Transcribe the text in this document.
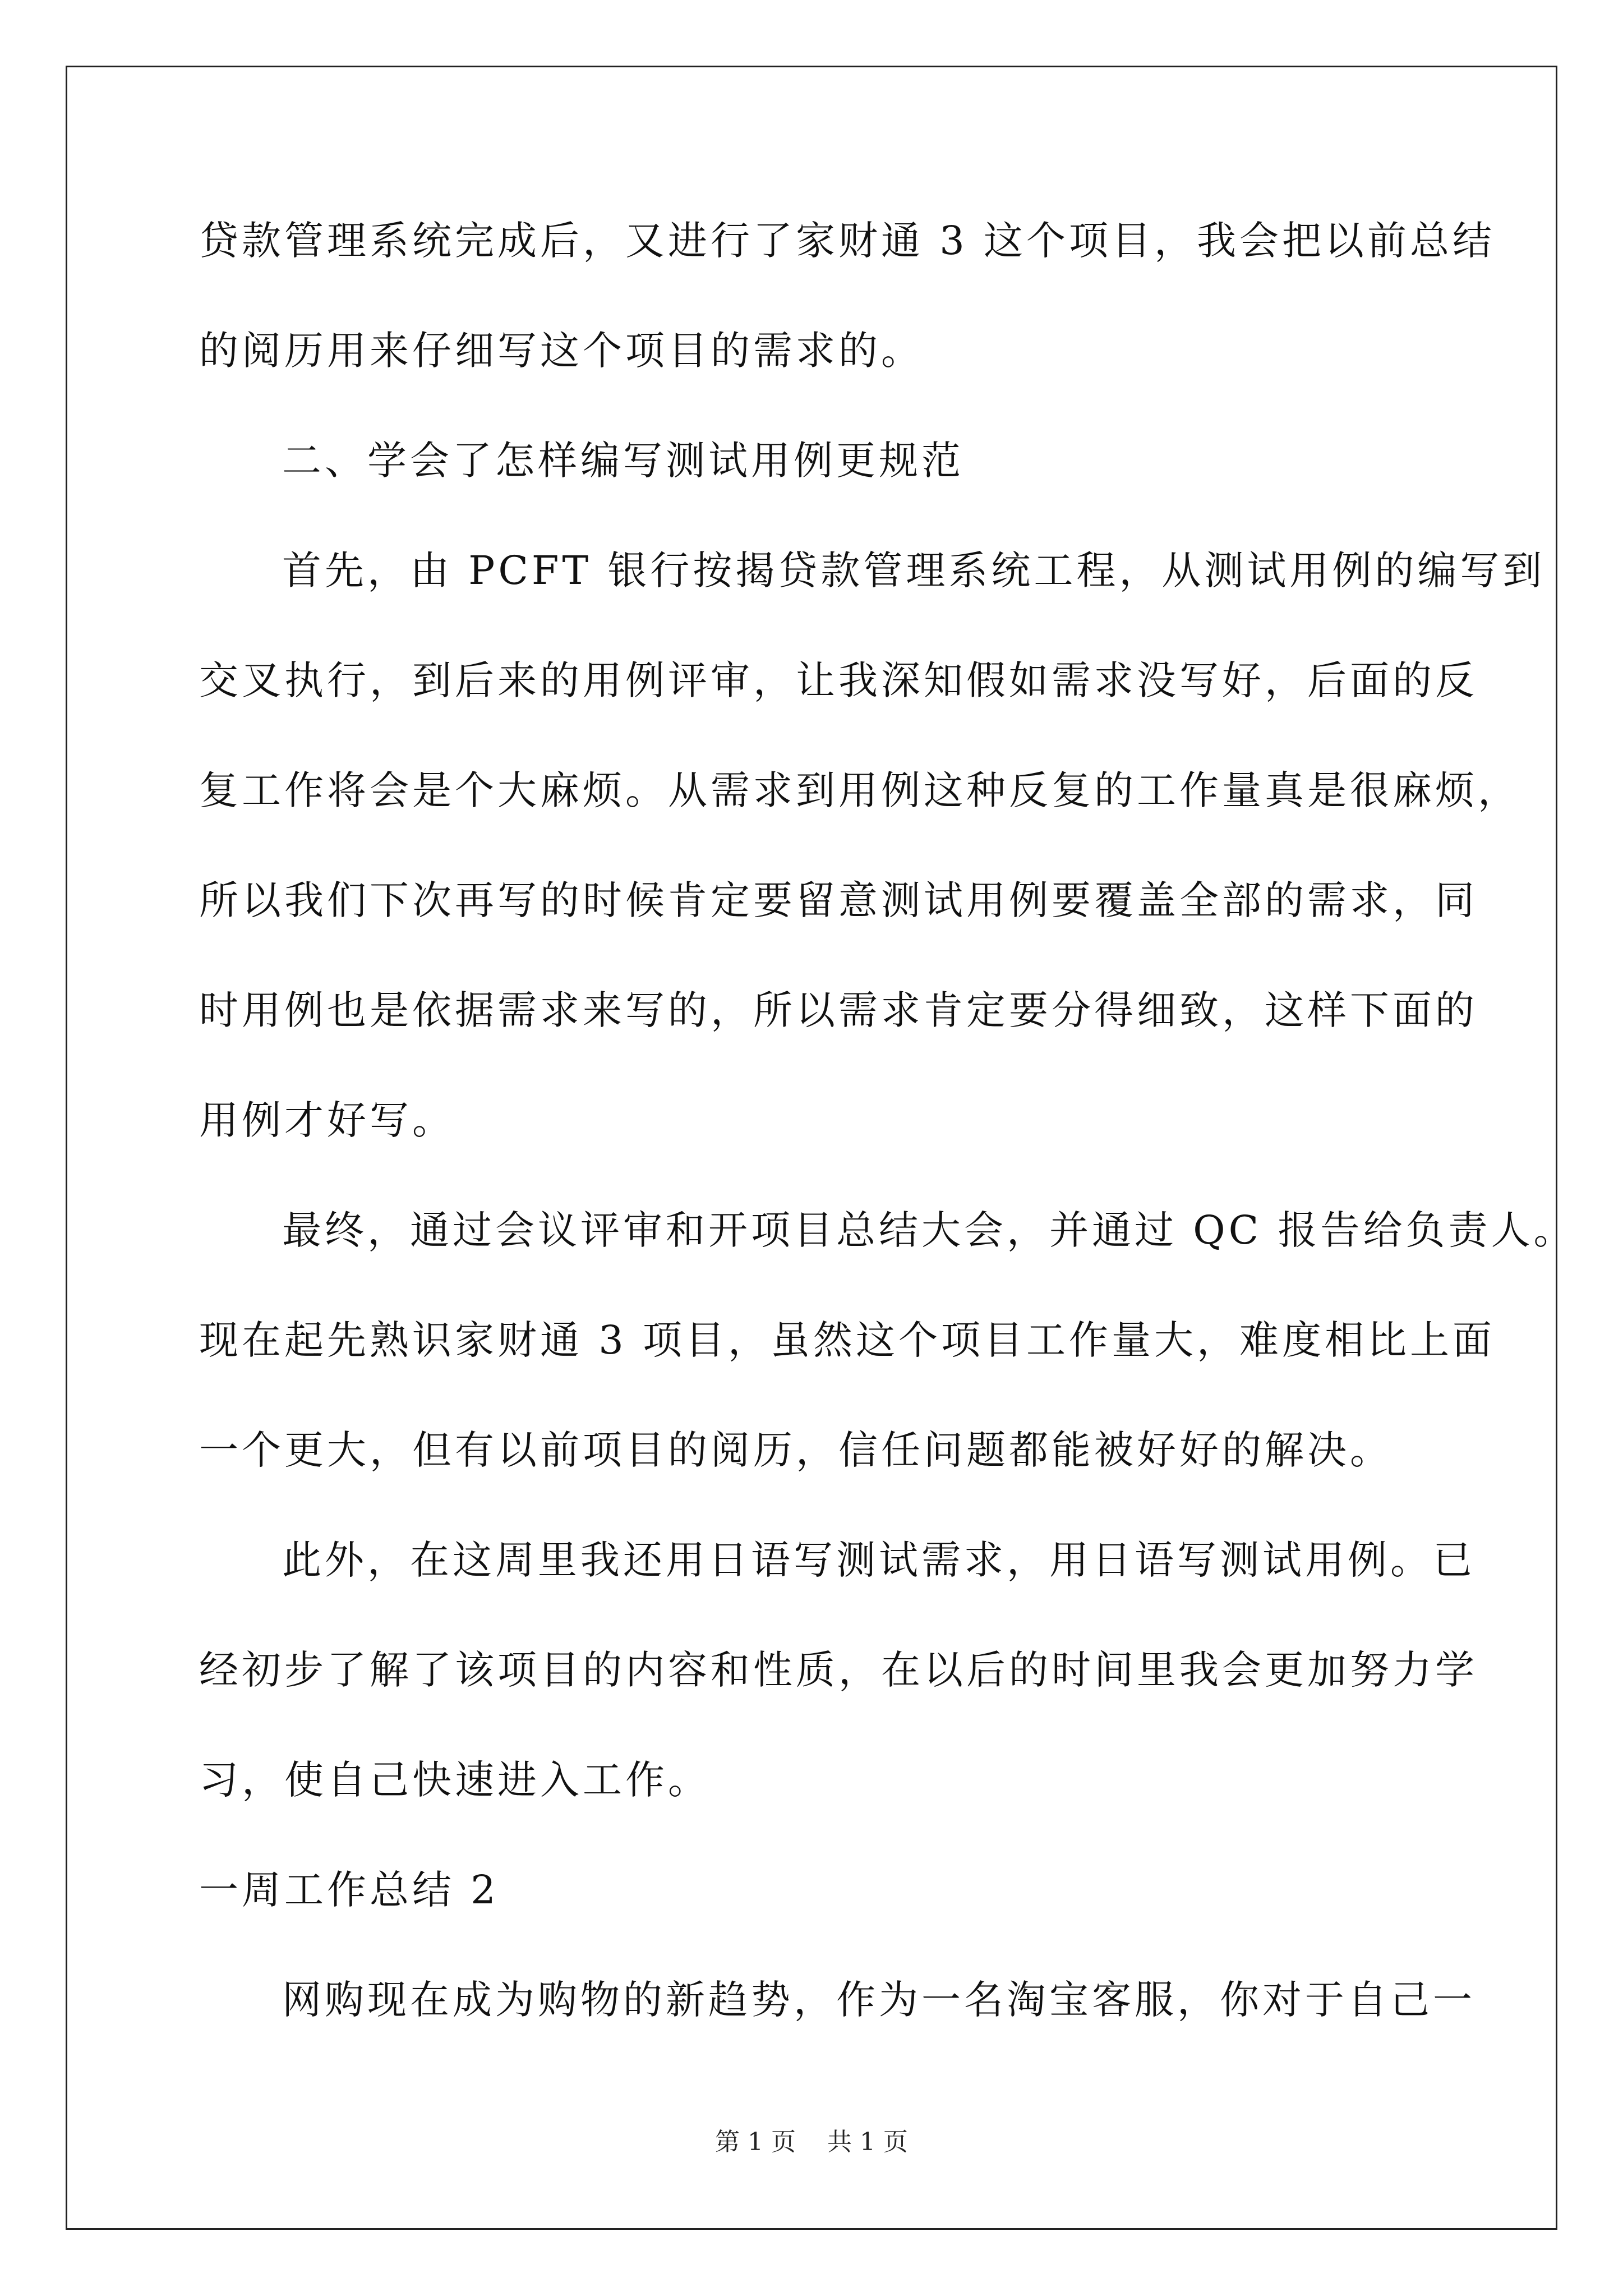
贷款管理系统完成后，又进行了家财通 3 这个项目，我会把以前总结
的阅历用来仔细写这个项目的需求的。
二、学会了怎样编写测试用例更规范
首先，由 PCFT 银行按揭贷款管理系统工程，从测试用例的编写到
交叉执行，到后来的用例评审，让我深知假如需求没写好，后面的反
复工作将会是个大麻烦。从需求到用例这种反复的工作量真是很麻烦，
所以我们下次再写的时候肯定要留意测试用例要覆盖全部的需求，同
时用例也是依据需求来写的，所以需求肯定要分得细致，这样下面的
用例才好写。
最终，通过会议评审和开项目总结大会，并通过 QC 报告给负责人。
现在起先熟识家财通 3 项目，虽然这个项目工作量大，难度相比上面
一个更大，但有以前项目的阅历，信任问题都能被好好的解决。
此外，在这周里我还用日语写测试需求，用日语写测试用例。已
经初步了解了该项目的内容和性质，在以后的时间里我会更加努力学
习，使自己快速进入工作。
一周工作总结 2
网购现在成为购物的新趋势，作为一名淘宝客服，你对于自己一
第 1 页    共 1 页
